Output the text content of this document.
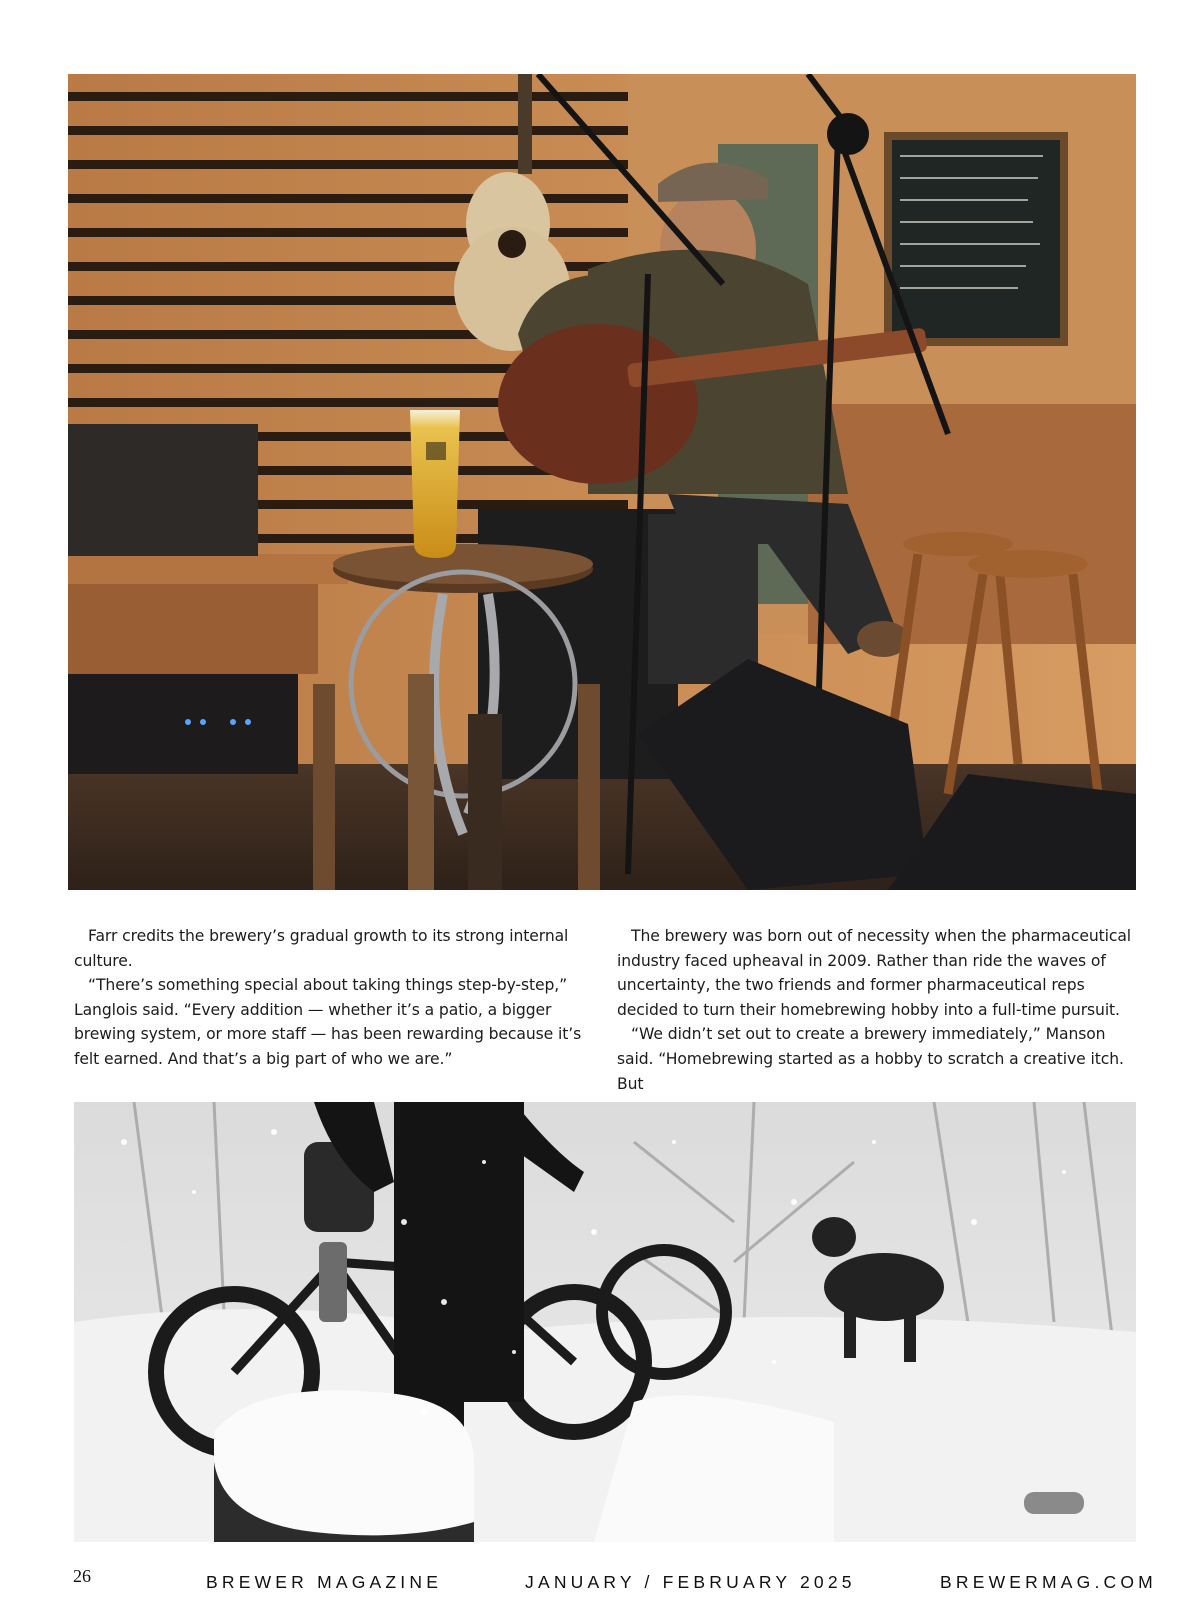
Farr credits the brewery’s gradual growth to its strong internal culture.

“There’s something special about taking things step-by-step,” Langlois said. “Every addition — whether it’s a patio, a bigger brewing system, or more staff — has been rewarding because it’s felt earned. And that’s a big part of who we are.”

The brewery was born out of necessity when the pharmaceutical industry faced upheaval in 2009. Rather than ride the waves of uncertainty, the two friends and former pharmaceutical reps decided to turn their homebrewing hobby into a full-time pursuit.

“We didn’t set out to create a brewery immediately,” Manson said. “Homebrewing started as a hobby to scratch a creative itch. But

26	BREWER MAGAZINE	JANUARY / FEBRUARY 2025	BREWERMAG.COM
